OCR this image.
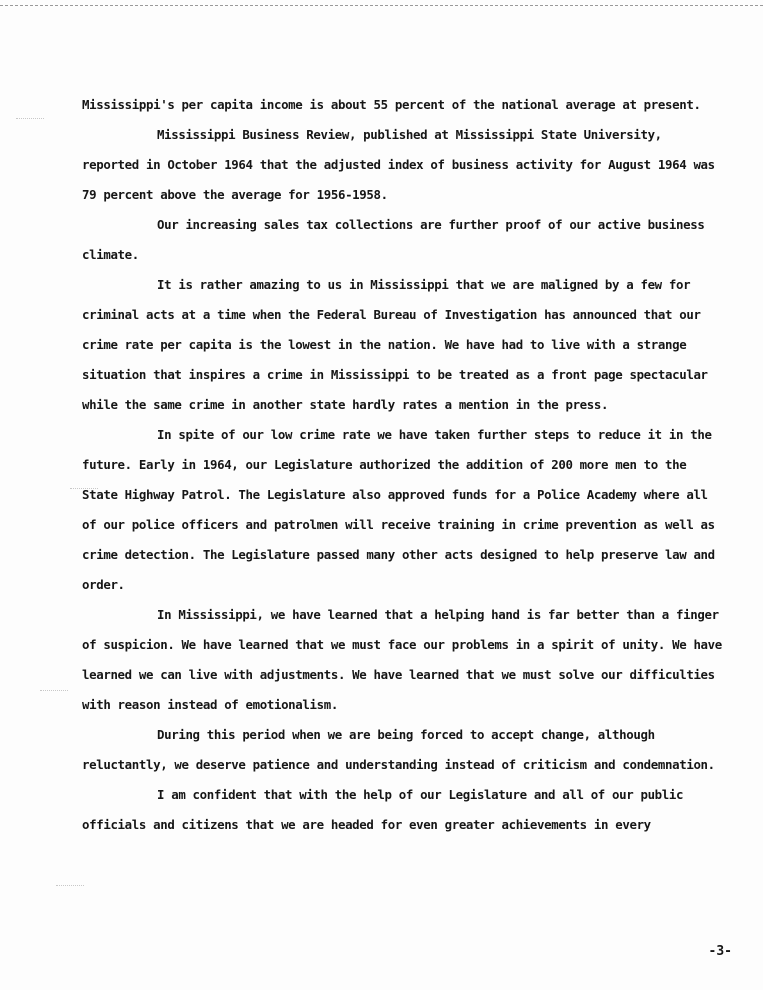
Mississippi's per capita income is about 55 percent of the national average at present.

Mississippi Business Review, published at Mississippi State University, reported in October 1964 that the adjusted index of business activity for August 1964 was 79 percent above the average for 1956-1958.

Our increasing sales tax collections are further proof of our active business climate.

It is rather amazing to us in Mississippi that we are maligned by a few for criminal acts at a time when the Federal Bureau of Investigation has announced that our crime rate per capita is the lowest in the nation. We have had to live with a strange situation that inspires a crime in Mississippi to be treated as a front page spectacular while the same crime in another state hardly rates a mention in the press.

In spite of our low crime rate we have taken further steps to reduce it in the future. Early in 1964, our Legislature authorized the addition of 200 more men to the State Highway Patrol. The Legislature also approved funds for a Police Academy where all of our police officers and patrolmen will receive training in crime prevention as well as crime detection. The Legislature passed many other acts designed to help preserve law and order.

In Mississippi, we have learned that a helping hand is far better than a finger of suspicion. We have learned that we must face our problems in a spirit of unity. We have learned we can live with adjustments. We have learned that we must solve our difficulties with reason instead of emotionalism.

During this period when we are being forced to accept change, although reluctantly, we deserve patience and understanding instead of criticism and condemnation.

I am confident that with the help of our Legislature and all of our public officials and citizens that we are headed for even greater achievements in every

-3-
